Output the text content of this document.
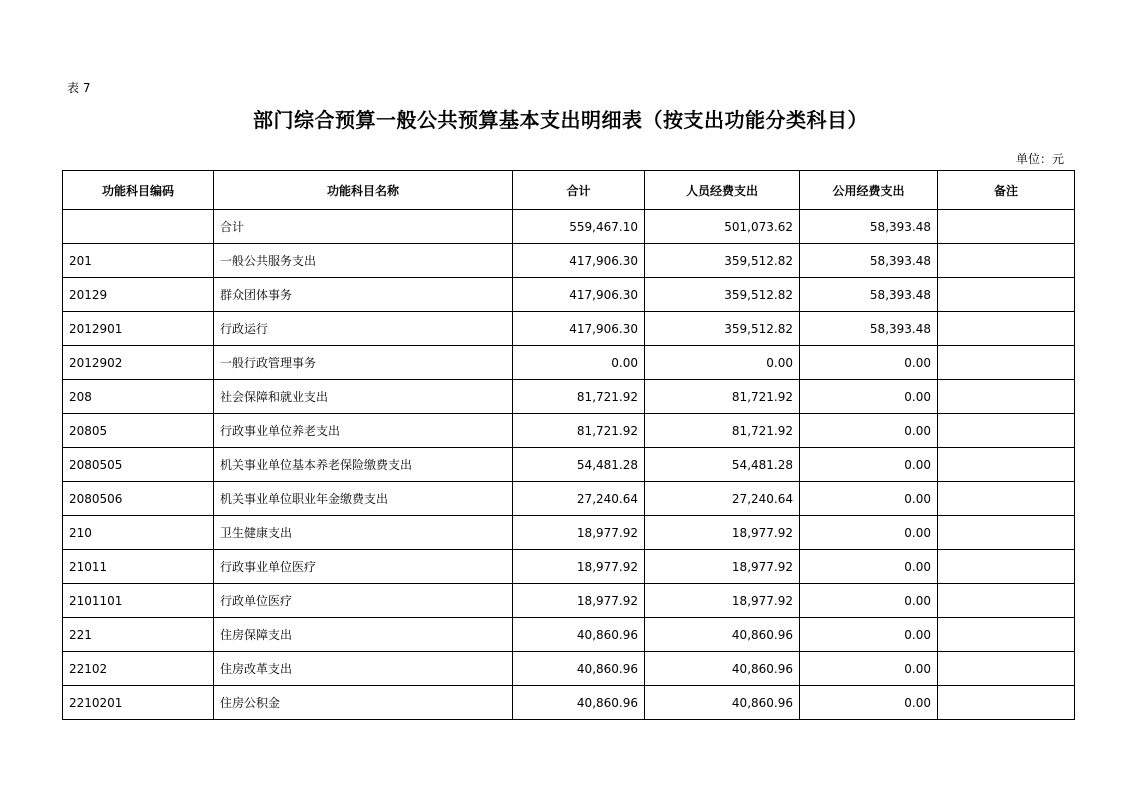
表 7
部门综合预算一般公共预算基本支出明细表（按支出功能分类科目）
单位：元
功能科目编码	功能科目名称	合计	人员经费支出	公用经费支出	备注
	合计	559,467.10	501,073.62	58,393.48	
201	一般公共服务支出	417,906.30	359,512.82	58,393.48	
20129	群众团体事务	417,906.30	359,512.82	58,393.48	
2012901	行政运行	417,906.30	359,512.82	58,393.48	
2012902	一般行政管理事务	0.00	0.00	0.00	
208	社会保障和就业支出	81,721.92	81,721.92	0.00	
20805	行政事业单位养老支出	81,721.92	81,721.92	0.00	
2080505	机关事业单位基本养老保险缴费支出	54,481.28	54,481.28	0.00	
2080506	机关事业单位职业年金缴费支出	27,240.64	27,240.64	0.00	
210	卫生健康支出	18,977.92	18,977.92	0.00	
21011	行政事业单位医疗	18,977.92	18,977.92	0.00	
2101101	行政单位医疗	18,977.92	18,977.92	0.00	
221	住房保障支出	40,860.96	40,860.96	0.00	
22102	住房改革支出	40,860.96	40,860.96	0.00	
2210201	住房公积金	40,860.96	40,860.96	0.00	
